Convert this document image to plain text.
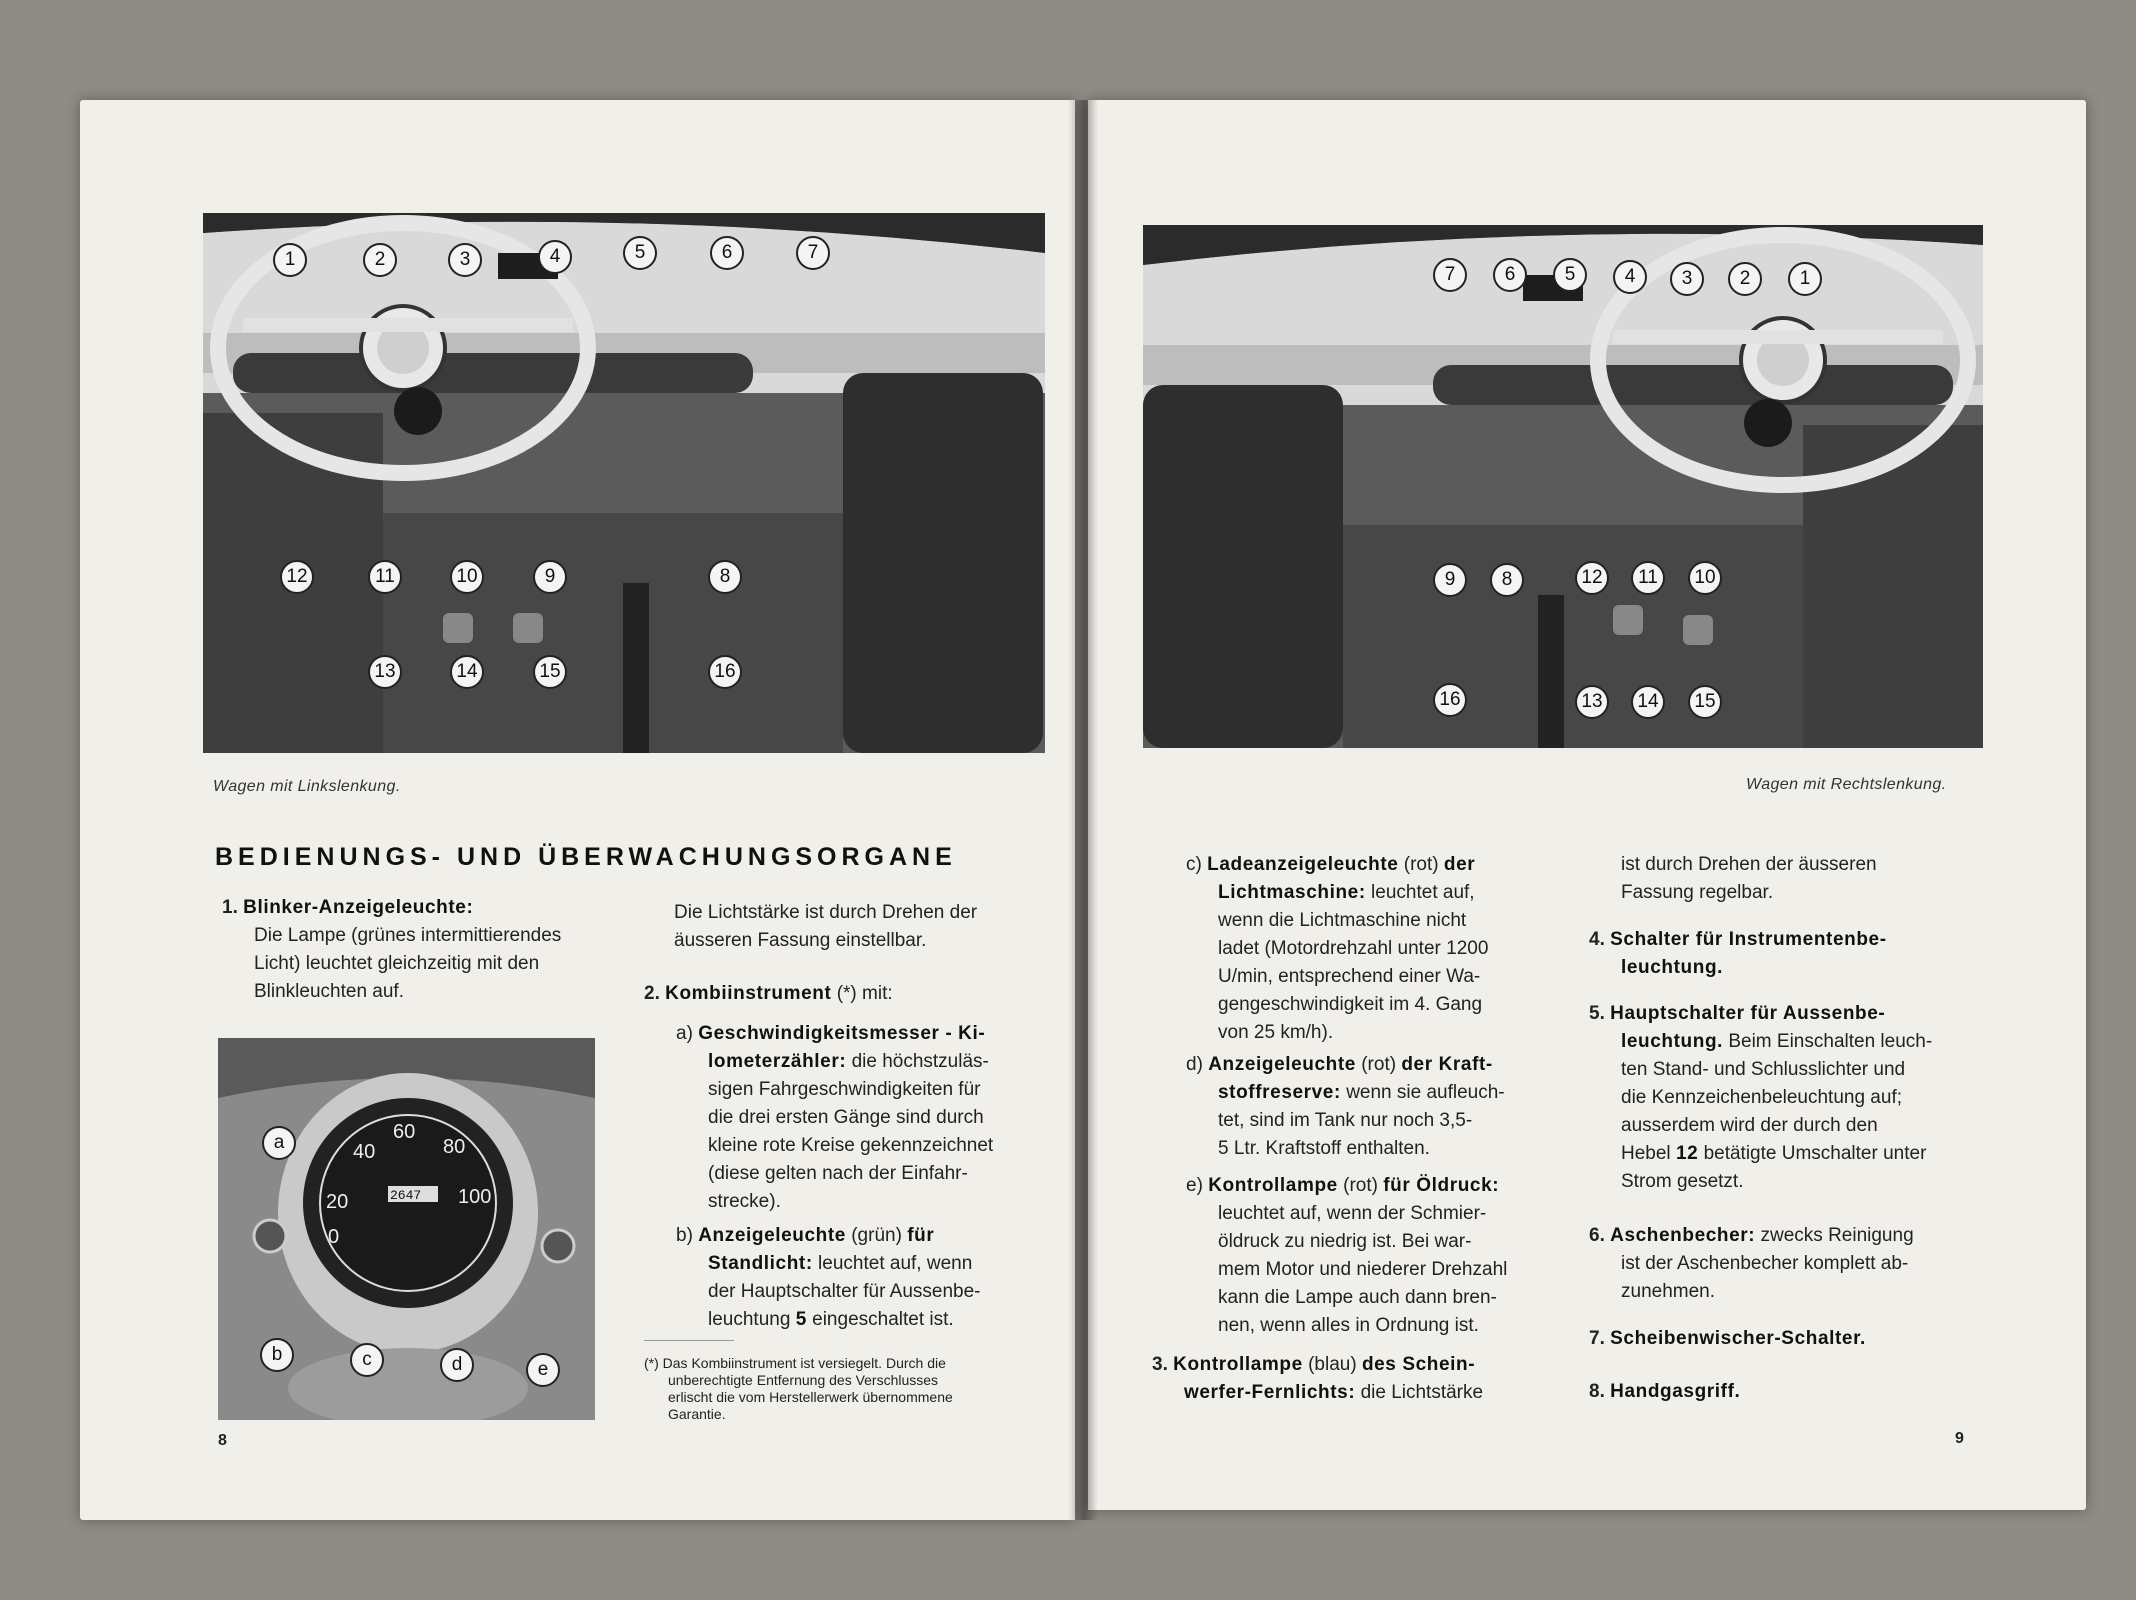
1	2	3	4	5	6	7
12	11	10	9	8
13	14	15	16
Wagen mit Linkslenkung.
BEDIENUNGS- UND ÜBERWACHUNGSORGANE
1. Blinker-Anzeigeleuchte:
Die Lampe (grünes intermittierendes
Licht) leuchtet gleichzeitig mit den
Blinkleuchten auf.
40
60
80
100
20
0
2647
a
b	c	d	e
Die Lichtstärke ist durch Drehen der
äusseren Fassung einstellbar.
2. Kombiinstrument (*) mit:
a) Geschwindigkeitsmesser - Ki-
lometerzähler: die höchstzuläs-
sigen Fahrgeschwindigkeiten für
die drei ersten Gänge sind durch
kleine rote Kreise gekennzeichnet
(diese gelten nach der Einfahr-
strecke).
b) Anzeigeleuchte (grün) für
Standlicht: leuchtet auf, wenn
der Hauptschalter für Aussenbe-
leuchtung 5 eingeschaltet ist.
(*) Das Kombiinstrument ist versiegelt. Durch die
unberechtigte Entfernung des Verschlusses
erlischt die vom Herstellerwerk übernommene
Garantie.
8
7	6	5	4	3	2	1
9	8	12	11	10
16	13	14	15
Wagen mit Rechtslenkung.
c) Ladeanzeigeleuchte (rot) der
Lichtmaschine: leuchtet auf,
wenn die Lichtmaschine nicht
ladet (Motordrehzahl unter 1200
U/min, entsprechend einer Wa-
gengeschwindigkeit im 4. Gang
von 25 km/h).
d) Anzeigeleuchte (rot) der Kraft-
stoffreserve: wenn sie aufleuch-
tet, sind im Tank nur noch 3,5-
5 Ltr. Kraftstoff enthalten.
e) Kontrollampe (rot) für Öldruck:
leuchtet auf, wenn der Schmier-
öldruck zu niedrig ist. Bei war-
mem Motor und niederer Drehzahl
kann die Lampe auch dann bren-
nen, wenn alles in Ordnung ist.
3. Kontrollampe (blau) des Schein-
werfer-Fernlichts: die Lichtstärke
ist durch Drehen der äusseren
Fassung regelbar.
4. Schalter für Instrumentenbe-
leuchtung.
5. Hauptschalter für Aussenbe-
leuchtung. Beim Einschalten leuch-
ten Stand- und Schlusslichter und
die Kennzeichenbeleuchtung auf;
ausserdem wird der durch den
Hebel 12 betätigte Umschalter unter
Strom gesetzt.
6. Aschenbecher: zwecks Reinigung
ist der Aschenbecher komplett ab-
zunehmen.
7. Scheibenwischer-Schalter.
8. Handgasgriff.
9
